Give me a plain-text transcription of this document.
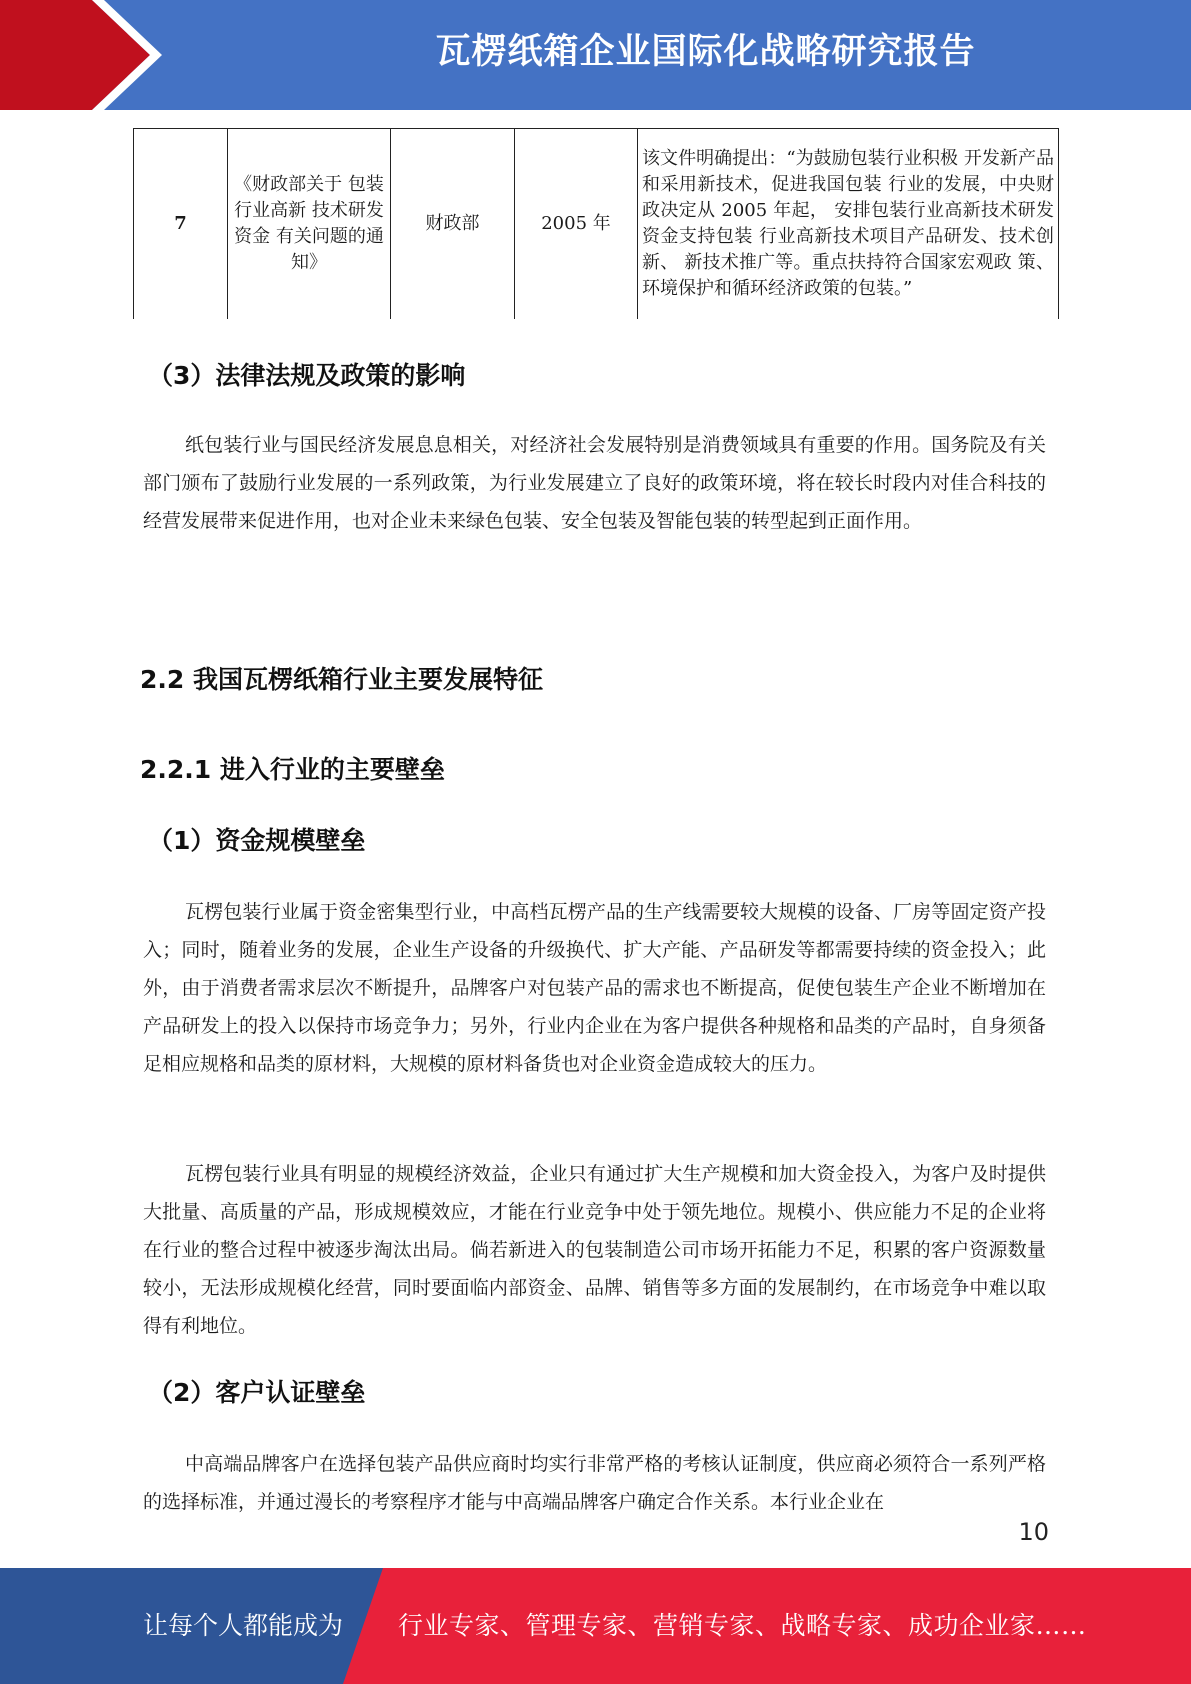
瓦楞纸箱企业国际化战略研究报告
7	《财政部关于 包装行业高新 技术研发资金 有关问题的通 知》	财政部	2005 年	该文件明确提出：“为鼓励包装行业积极 开发新产品和采用新技术，促进我国包装 行业的发展，中央财政决定从 2005 年起， 安排包装行业高新技术研发资金支持包装 行业高新技术项目产品研发、技术创新、 新技术推广等。重点扶持符合国家宏观政 策、环境保护和循环经济政策的包装。”
（3）法律法规及政策的影响

纸包装行业与国民经济发展息息相关，对经济社会发展特别是消费领域具有重要的作用。国务院及有关部门颁布了鼓励行业发展的一系列政策，为行业发展建立了良好的政策环境，将在较长时段内对佳合科技的经营发展带来促进作用，也对企业未来绿色包装、安全包装及智能包装的转型起到正面作用。

2.2 我国瓦楞纸箱行业主要发展特征
2.2.1 进入行业的主要壁垒
（1）资金规模壁垒

瓦楞包装行业属于资金密集型行业，中高档瓦楞产品的生产线需要较大规模的设备、厂房等固定资产投入；同时，随着业务的发展，企业生产设备的升级换代、扩大产能、产品研发等都需要持续的资金投入；此外，由于消费者需求层次不断提升，品牌客户对包装产品的需求也不断提高，促使包装生产企业不断增加在产品研发上的投入以保持市场竞争力；另外，行业内企业在为客户提供各种规格和品类的产品时，自身须备足相应规格和品类的原材料，大规模的原材料备货也对企业资金造成较大的压力。

瓦楞包装行业具有明显的规模经济效益，企业只有通过扩大生产规模和加大资金投入，为客户及时提供大批量、高质量的产品，形成规模效应，才能在行业竞争中处于领先地位。规模小、供应能力不足的企业将在行业的整合过程中被逐步淘汰出局。倘若新进入的包装制造公司市场开拓能力不足，积累的客户资源数量较小，无法形成规模化经营，同时要面临内部资金、品牌、销售等多方面的发展制约，在市场竞争中难以取得有利地位。

（2）客户认证壁垒

中高端品牌客户在选择包装产品供应商时均实行非常严格的考核认证制度，供应商必须符合一系列严格的选择标准，并通过漫长的考察程序才能与中高端品牌客户确定合作关系。本行业企业在

10
让每个人都能成为 行业专家、管理专家、营销专家、战略专家、成功企业家……
